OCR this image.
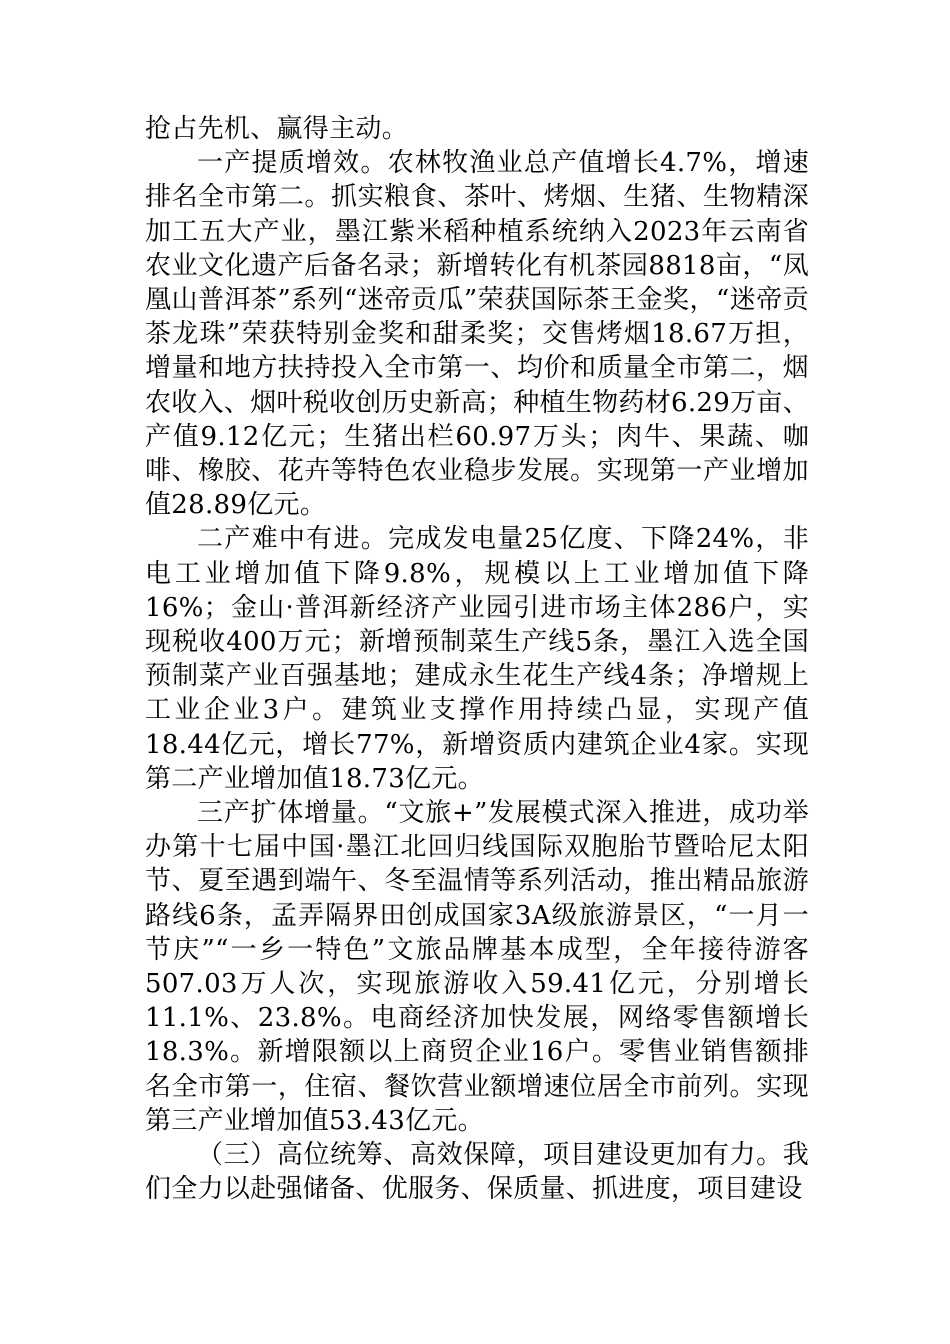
抢占先机、赢得主动。

一产提质增效。农林牧渔业总产值增长4.7%，增速排名全市第二。抓实粮食、茶叶、烤烟、生猪、生物精深加工五大产业，墨江紫米稻种植系统纳入2023年云南省农业文化遗产后备名录；新增转化有机茶园8818亩，“凤凰山普洱茶”系列“迷帝贡瓜”荣获国际茶王金奖，“迷帝贡茶龙珠”荣获特别金奖和甜柔奖；交售烤烟18.67万担，增量和地方扶持投入全市第一、均价和质量全市第二，烟农收入、烟叶税收创历史新高；种植生物药材6.29万亩、产值9.12亿元；生猪出栏60.97万头；肉牛、果蔬、咖啡、橡胶、花卉等特色农业稳步发展。实现第一产业增加值28.89亿元。

二产难中有进。完成发电量25亿度、下降24%，非电工业增加值下降9.8%，规模以上工业增加值下降16%；金山·普洱新经济产业园引进市场主体286户，实现税收400万元；新增预制菜生产线5条，墨江入选全国预制菜产业百强基地；建成永生花生产线4条；净增规上工业企业3户。建筑业支撑作用持续凸显，实现产值18.44亿元，增长77%，新增资质内建筑企业4家。实现第二产业增加值18.73亿元。

三产扩体增量。“文旅+”发展模式深入推进，成功举办第十七届中国·墨江北回归线国际双胞胎节暨哈尼太阳节、夏至遇到端午、冬至温情等系列活动，推出精品旅游路线6条，孟弄隔界田创成国家3A级旅游景区，“一月一节庆”“一乡一特色”文旅品牌基本成型，全年接待游客507.03万人次，实现旅游收入59.41亿元，分别增长11.1%、23.8%。电商经济加快发展，网络零售额增长18.3%。新增限额以上商贸企业16户。零售业销售额排名全市第一，住宿、餐饮营业额增速位居全市前列。实现第三产业增加值53.43亿元。

（三）高位统筹、高效保障，项目建设更加有力。我们全力以赴强储备、优服务、保质量、抓进度，项目建设
